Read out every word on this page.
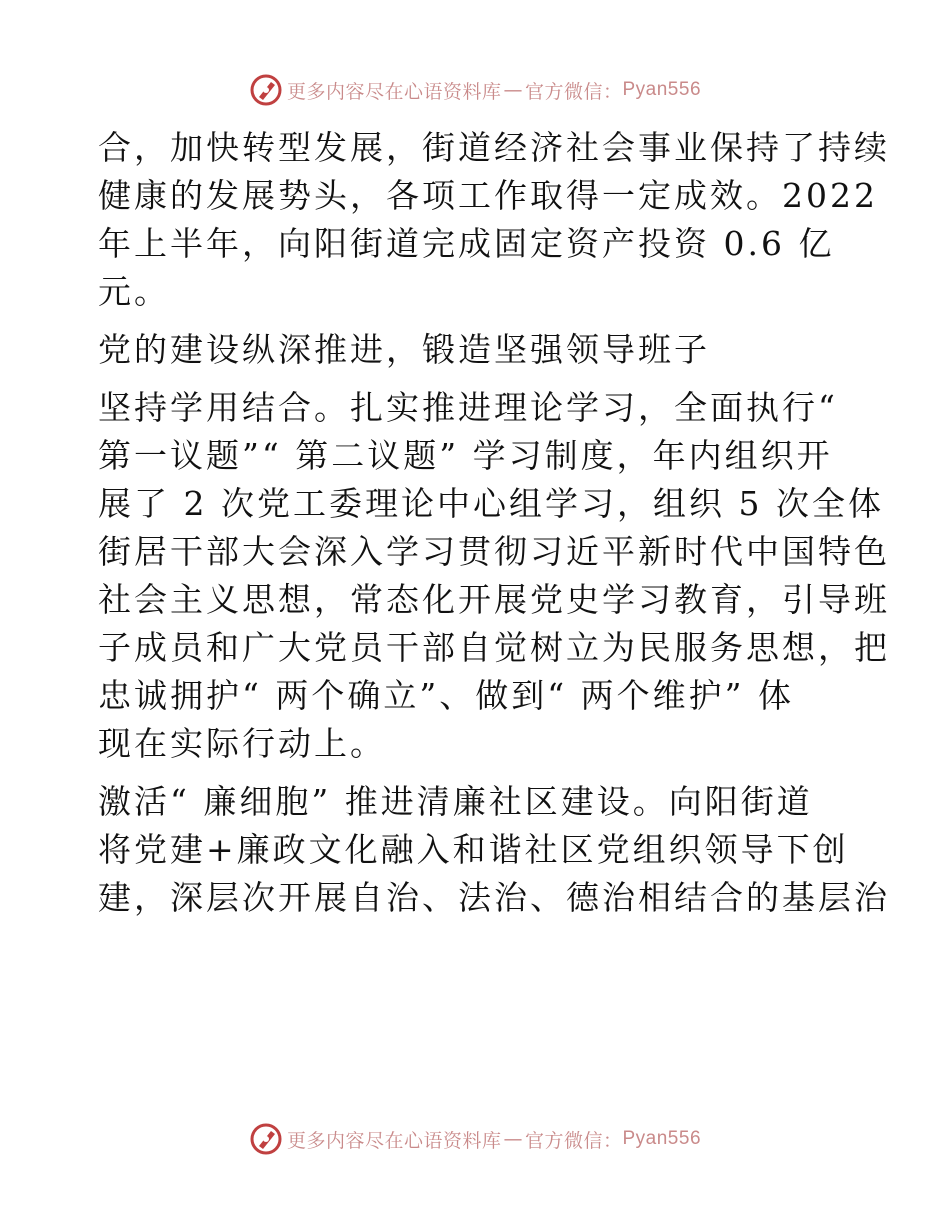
更多内容尽在心语资料库 — 官方微信： Pyan556
合，加快转型发展，街道经济社会事业保持了持续
健康的发展势头，各项工作取得一定成效。2022
年上半年，向阳街道完成固定资产投资 0.6 亿
元。
党的建设纵深推进，锻造坚强领导班子
坚持学用结合。扎实推进理论学习，全面执行“
第一议题”“ 第二议题” 学习制度，年内组织开
展了 2 次党工委理论中心组学习，组织 5 次全体
街居干部大会深入学习贯彻习近平新时代中国特色
社会主义思想，常态化开展党史学习教育，引导班
子成员和广大党员干部自觉树立为民服务思想，把
忠诚拥护“ 两个确立”、做到“ 两个维护” 体
现在实际行动上。
激活“ 廉细胞” 推进清廉社区建设。向阳街道
将党建+廉政文化融入和谐社区党组织领导下创
建，深层次开展自治、法治、德治相结合的基层治
更多内容尽在心语资料库 — 官方微信： Pyan556
